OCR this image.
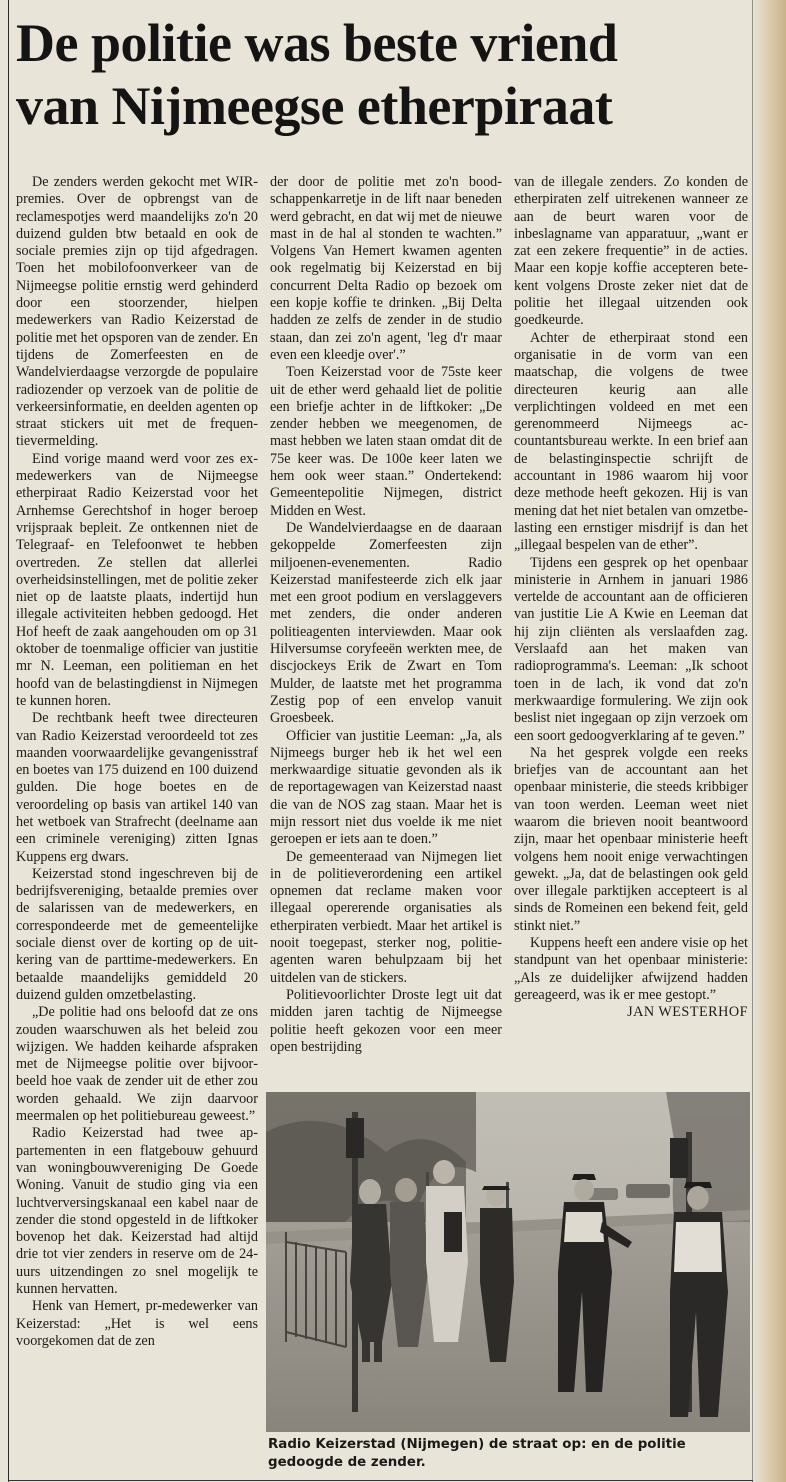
De politie was beste vriend
van Nijmeegse etherpiraat

De zenders werden gekocht met WIR-premies. Over de opbrengst van de reclamespotjes werd maandelijks zo'n 20 duizend gulden btw betaald en ook de sociale premies zijn op tijd afgedragen. Toen het mobilofoonverkeer van de Nijmeegse politie ernstig werd gehinderd door een stoorzender, hielpen medewerkers van Radio Keizerstad de politie met het opsporen van de zender. En tijdens de Zomerfeesten en de Wandelvierdaagse verzorgde de populaire radiozender op verzoek van de politie de verkeersinformatie, en deelden agenten op straat stickers uit met de frequentievermelding.

Eind vorige maand werd voor zes ex-medewerkers van de Nijmeegse etherpiraat Radio Keizerstad voor het Arnhemse Gerechtshof in hoger beroep vrijspraak bepleit. Ze ontkennen niet de Telegraaf- en Telefoonwet te hebben overtreden. Ze stellen dat allerlei overheidsinstellingen, met de politie zeker niet op de laatste plaats, indertijd hun illegale activiteiten hebben gedoogd. Het Hof heeft de zaak aangehouden om op 31 oktober de toenmalige officier van justitie mr N. Leeman, een politieman en het hoofd van de belastingdienst in Nijmegen te kunnen horen.

De rechtbank heeft twee directeuren van Radio Keizerstad veroordeeld tot zes maanden voorwaardelijke gevangenisstraf en boetes van 175 duizend en 100 duizend gulden. Die hoge boetes en de veroordeling op basis van artikel 140 van het wetboek van Strafrecht (deelname aan een criminele vereniging) zitten Ignas Kuppens erg dwars.

Keizerstad stond ingeschreven bij de bedrijfsvereniging, betaalde premies over de salarissen van de medewerkers, en correspondeerde met de gemeentelijke sociale dienst over de korting op de uitkering van de parttime-medewerkers. En betaalde maandelijks gemiddeld 20 duizend gulden omzetbelasting.

„De politie had ons beloofd dat ze ons zouden waarschuwen als het beleid zou wijzigen. We hadden keiharde afspraken met de Nijmeegse politie over bijvoorbeeld hoe vaak de zender uit de ether zou worden gehaald. We zijn daarvoor meermalen op het politiebureau geweest.”

Radio Keizerstad had twee appartementen in een flatgebouw gehuurd van woningbouwvereniging De Goede Woning. Vanuit de studio ging via een luchtverversingskanaal een kabel naar de zender die stond opgesteld in de liftkoker bovenop het dak. Keizerstad had altijd drie tot vier zenders in reserve om de 24-uurs uitzendingen zo snel mogelijk te kunnen hervatten.

Henk van Hemert, pr-medewerker van Keizerstad: „Het is wel eens voorgekomen dat de zen

der door de politie met zo'n boodschappenkarretje in de lift naar beneden werd gebracht, en dat wij met de nieuwe mast in de hal al stonden te wachten.” Volgens Van Hemert kwamen agenten ook regelmatig bij Keizerstad en bij concurrent Delta Radio op bezoek om een kopje koffie te drinken. „Bij Delta hadden ze zelfs de zender in de studio staan, dan zei zo'n agent, 'leg d'r maar even een kleedje over'.”

Toen Keizerstad voor de 75ste keer uit de ether werd gehaald liet de politie een briefje achter in de liftkoker: „De zender hebben we meegenomen, de mast hebben we laten staan omdat dit de 75e keer was. De 100e keer laten we hem ook weer staan.” Ondertekend: Gemeentepolitie Nijmegen, district Midden en West.

De Wandelvierdaagse en de daaraan gekoppelde Zomerfeesten zijn miljoenen-evenementen. Radio Keizerstad manifesteerde zich elk jaar met een groot podium en verslaggevers met zenders, die onder anderen politieagenten interviewden. Maar ook Hilversumse coryfeeën werkten mee, de discjockeys Erik de Zwart en Tom Mulder, de laatste met het programma Zestig pop of een envelop vanuit Groesbeek.

Officier van justitie Leeman: „Ja, als Nijmeegs burger heb ik het wel een merkwaardige situatie gevonden als ik de reportagewagen van Keizerstad naast die van de NOS zag staan. Maar het is mijn ressort niet dus voelde ik me niet geroepen er iets aan te doen.”

De gemeenteraad van Nijmegen liet in de politieverordening een artikel opnemen dat reclame maken voor illegaal opererende organisaties als etherpiraten verbiedt. Maar het artikel is nooit toegepast, sterker nog, politieagenten waren behulpzaam bij het uitdelen van de stickers.

Politievoorlichter Droste legt uit dat midden jaren tachtig de Nijmeegse politie heeft gekozen voor een meer open bestrijding

van de illegale zenders. Zo konden de etherpiraten zelf uitrekenen wanneer ze aan de beurt waren voor de inbeslagname van apparatuur, „want er zat een zekere frequentie” in de acties. Maar een kopje koffie accepteren betekent volgens Droste zeker niet dat de politie het illegaal uitzenden ook goedkeurde.

Achter de etherpiraat stond een organisatie in de vorm van een maatschap, die volgens de twee directeuren keurig aan alle verplichtingen voldeed en met een gerenommeerd Nijmeegs accountantsbureau werkte. In een brief aan de belastinginspectie schrijft de accountant in 1986 waarom hij voor deze methode heeft gekozen. Hij is van mening dat het niet betalen van omzetbelasting een ernstiger misdrijf is dan het „illegaal bespelen van de ether”.

Tijdens een gesprek op het openbaar ministerie in Arnhem in januari 1986 vertelde de accountant aan de officieren van justitie Lie A Kwie en Leeman dat hij zijn cliënten als verslaafden zag. Verslaafd aan het maken van radioprogramma's. Leeman: „Ik schoot toen in de lach, ik vond dat zo'n merkwaardige formulering. We zijn ook beslist niet ingegaan op zijn verzoek om een soort gedoogverklaring af te geven.”

Na het gesprek volgde een reeks briefjes van de accountant aan het openbaar ministerie, die steeds kribbiger van toon werden. Leeman weet niet waarom die brieven nooit beantwoord zijn, maar het openbaar ministerie heeft volgens hem nooit enige verwachtingen gewekt. „Ja, dat de belastingen ook geld over illegale parktijken accepteert is al sinds de Romeinen een bekend feit, geld stinkt niet.”

Kuppens heeft een andere visie op het standpunt van het openbaar ministerie: „Als ze duidelijker afwijzend hadden gereageerd, was ik er mee gestopt.”

JAN WESTERHOF

Radio Keizerstad (Nijmegen) de straat op: en de politie gedoogde de zender.
